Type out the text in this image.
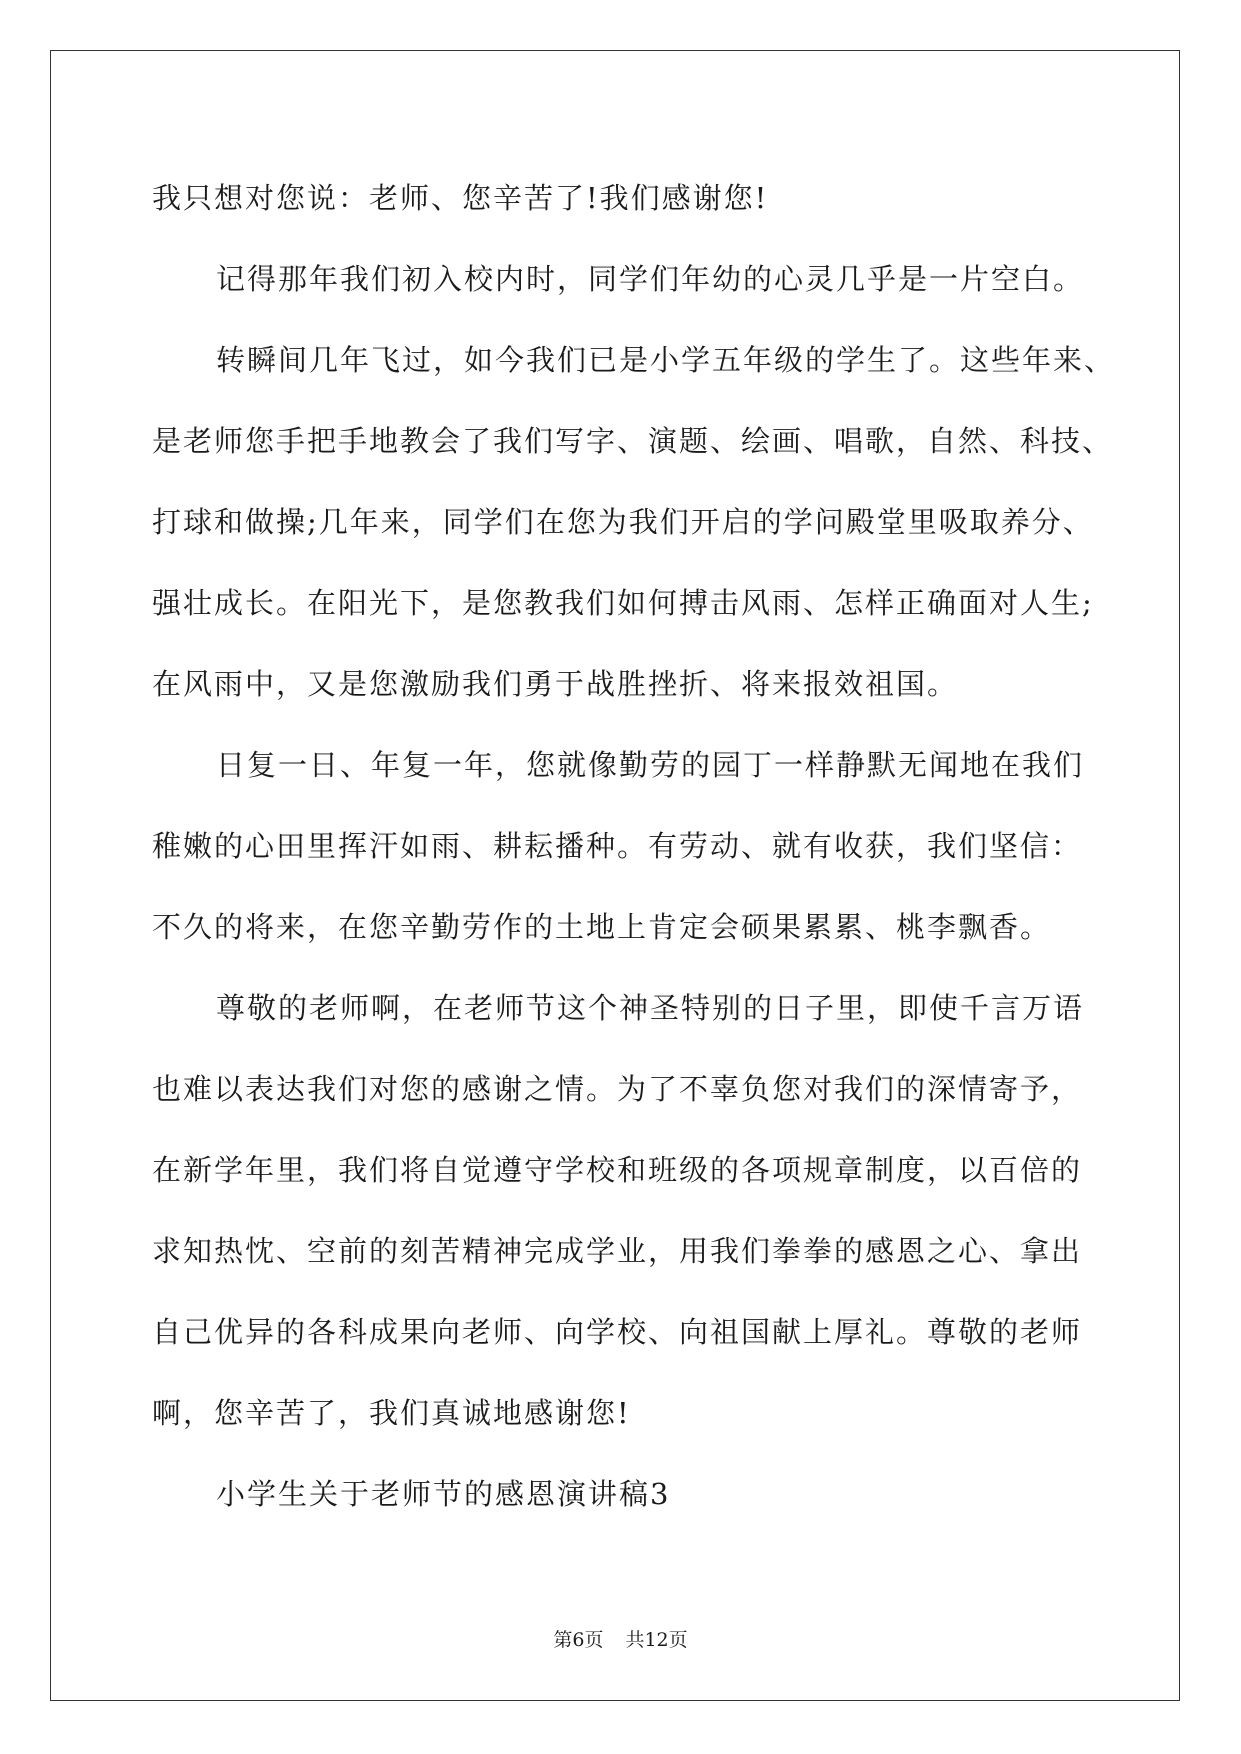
我只想对您说：老师、您辛苦了!我们感谢您!
记得那年我们初入校内时，同学们年幼的心灵几乎是一片空白。
转瞬间几年飞过，如今我们已是小学五年级的学生了。这些年来、
是老师您手把手地教会了我们写字、演题、绘画、唱歌，自然、科技、
打球和做操;几年来，同学们在您为我们开启的学问殿堂里吸取养分、
强壮成长。在阳光下，是您教我们如何搏击风雨、怎样正确面对人生;
在风雨中，又是您激励我们勇于战胜挫折、将来报效祖国。
日复一日、年复一年，您就像勤劳的园丁一样静默无闻地在我们
稚嫩的心田里挥汗如雨、耕耘播种。有劳动、就有收获，我们坚信：
不久的将来，在您辛勤劳作的土地上肯定会硕果累累、桃李飘香。
尊敬的老师啊，在老师节这个神圣特别的日子里，即使千言万语
也难以表达我们对您的感谢之情。为了不辜负您对我们的深情寄予，
在新学年里，我们将自觉遵守学校和班级的各项规章制度，以百倍的
求知热忱、空前的刻苦精神完成学业，用我们拳拳的感恩之心、拿出
自己优异的各科成果向老师、向学校、向祖国献上厚礼。尊敬的老师
啊，您辛苦了，我们真诚地感谢您!
小学生关于老师节的感恩演讲稿3
第6页 共12页
